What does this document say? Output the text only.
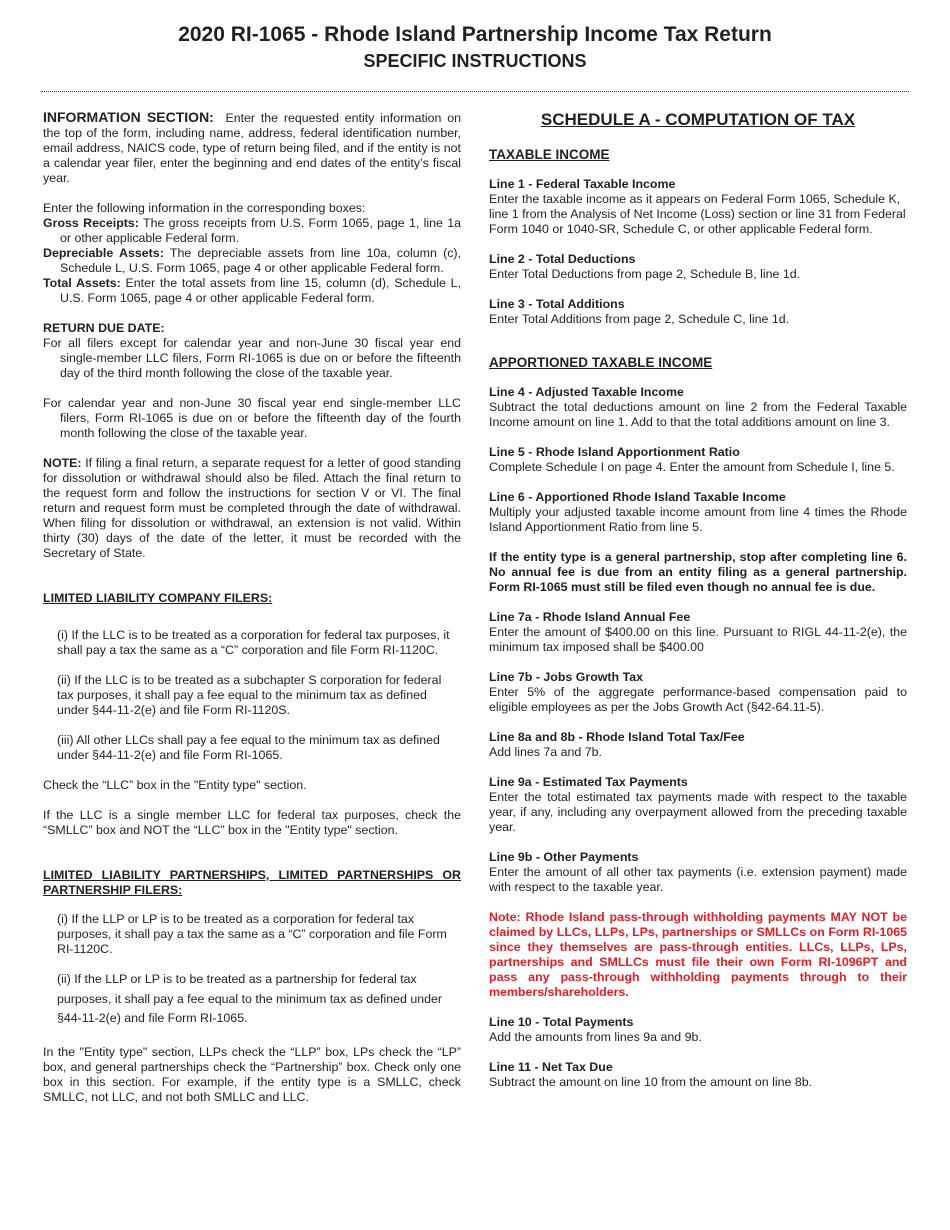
2020 RI-1065 - Rhode Island Partnership Income Tax Return
SPECIFIC INSTRUCTIONS

INFORMATION SECTION: Enter the requested entity information on the top of the form, including name, address, federal identification number, email address, NAICS code, type of return being filed, and if the entity is not a calendar year filer, enter the beginning and end dates of the entity’s fiscal year.

Enter the following information in the corresponding boxes:

Gross Receipts: The gross receipts from U.S. Form 1065, page 1, line 1a or other applicable Federal form.

Depreciable Assets: The depreciable assets from line 10a, column (c), Schedule L, U.S. Form 1065, page 4 or other applicable Federal form.

Total Assets: Enter the total assets from line 15, column (d), Schedule L, U.S. Form 1065, page 4 or other applicable Federal form.

RETURN DUE DATE:

For all filers except for calendar year and non-June 30 fiscal year end single-member LLC filers, Form RI-1065 is due on or before the fifteenth day of the third month following the close of the taxable year.

For calendar year and non-June 30 fiscal year end single-member LLC filers, Form RI-1065 is due on or before the fifteenth day of the fourth month following the close of the taxable year.

NOTE: If filing a final return, a separate request for a letter of good standing for dissolution or withdrawal should also be filed. Attach the final return to the request form and follow the instructions for section V or VI. The final return and request form must be completed through the date of withdrawal. When filing for dissolution or withdrawal, an extension is not valid. Within thirty (30) days of the date of the letter, it must be recorded with the Secretary of State.

LIMITED LIABILITY COMPANY FILERS:

(i) If the LLC is to be treated as a corporation for federal tax purposes, it shall pay a tax the same as a “C” corporation and file Form RI-1120C.

(ii) If the LLC is to be treated as a subchapter S corporation for federal tax purposes, it shall pay a fee equal to the minimum tax as defined under §44-11-2(e) and file Form RI-1120S.

(iii) All other LLCs shall pay a fee equal to the minimum tax as defined under §44-11-2(e) and file Form RI-1065.

Check the “LLC” box in the "Entity type" section.

If the LLC is a single member LLC for federal tax purposes, check the “SMLLC” box and NOT the “LLC” box in the "Entity type" section.

LIMITED LIABILITY PARTNERSHIPS, LIMITED PARTNERSHIPS OR PARTNERSHIP FILERS:

(i) If the LLP or LP is to be treated as a corporation for federal tax purposes, it shall pay a tax the same as a “C” corporation and file Form RI-1120C.

(ii) If the LLP or LP is to be treated as a partnership for federal tax purposes, it shall pay a fee equal to the minimum tax as defined under §44-11-2(e) and file Form RI-1065.

In the "Entity type" section, LLPs check the “LLP” box, LPs check the “LP” box, and general partnerships check the “Partnership” box. Check only one box in this section. For example, if the entity type is a SMLLC, check SMLLC, not LLC, and not both SMLLC and LLC.

SCHEDULE A - COMPUTATION OF TAX

TAXABLE INCOME

Line 1 - Federal Taxable Income

Enter the taxable income as it appears on Federal Form 1065, Schedule K, line 1 from the Analysis of Net Income (Loss) section or line 31 from Federal Form 1040 or 1040-SR, Schedule C, or other applicable Federal form.

Line 2 - Total Deductions

Enter Total Deductions from page 2, Schedule B, line 1d.

Line 3 - Total Additions

Enter Total Additions from page 2, Schedule C, line 1d.

APPORTIONED TAXABLE INCOME

Line 4 - Adjusted Taxable Income

Subtract the total deductions amount on line 2 from the Federal Taxable Income amount on line 1. Add to that the total additions amount on line 3.

Line 5 - Rhode Island Apportionment Ratio

Complete Schedule I on page 4. Enter the amount from Schedule I, line 5.

Line 6 - Apportioned Rhode Island Taxable Income

Multiply your adjusted taxable income amount from line 4 times the Rhode Island Apportionment Ratio from line 5.

If the entity type is a general partnership, stop after completing line 6. No annual fee is due from an entity filing as a general partnership. Form RI-1065 must still be filed even though no annual fee is due.

Line 7a - Rhode Island Annual Fee

Enter the amount of $400.00 on this line. Pursuant to RIGL 44-11-2(e), the minimum tax imposed shall be $400.00

Line 7b - Jobs Growth Tax

Enter 5% of the aggregate performance-based compensation paid to eligible employees as per the Jobs Growth Act (§42-64.11-5).

Line 8a and 8b - Rhode Island Total Tax/Fee

Add lines 7a and 7b.

Line 9a - Estimated Tax Payments

Enter the total estimated tax payments made with respect to the taxable year, if any, including any overpayment allowed from the preceding taxable year.

Line 9b - Other Payments

Enter the amount of all other tax payments (i.e. extension payment) made with respect to the taxable year.

Note: Rhode Island pass-through withholding payments MAY NOT be claimed by LLCs, LLPs, LPs, partnerships or SMLLCs on Form RI-1065 since they themselves are pass-through entities. LLCs, LLPs, LPs, partnerships and SMLLCs must file their own Form RI-1096PT and pass any pass-through withholding payments through to their members/shareholders.

Line 10 - Total Payments

Add the amounts from lines 9a and 9b.

Line 11 - Net Tax Due

Subtract the amount on line 10 from the amount on line 8b.
